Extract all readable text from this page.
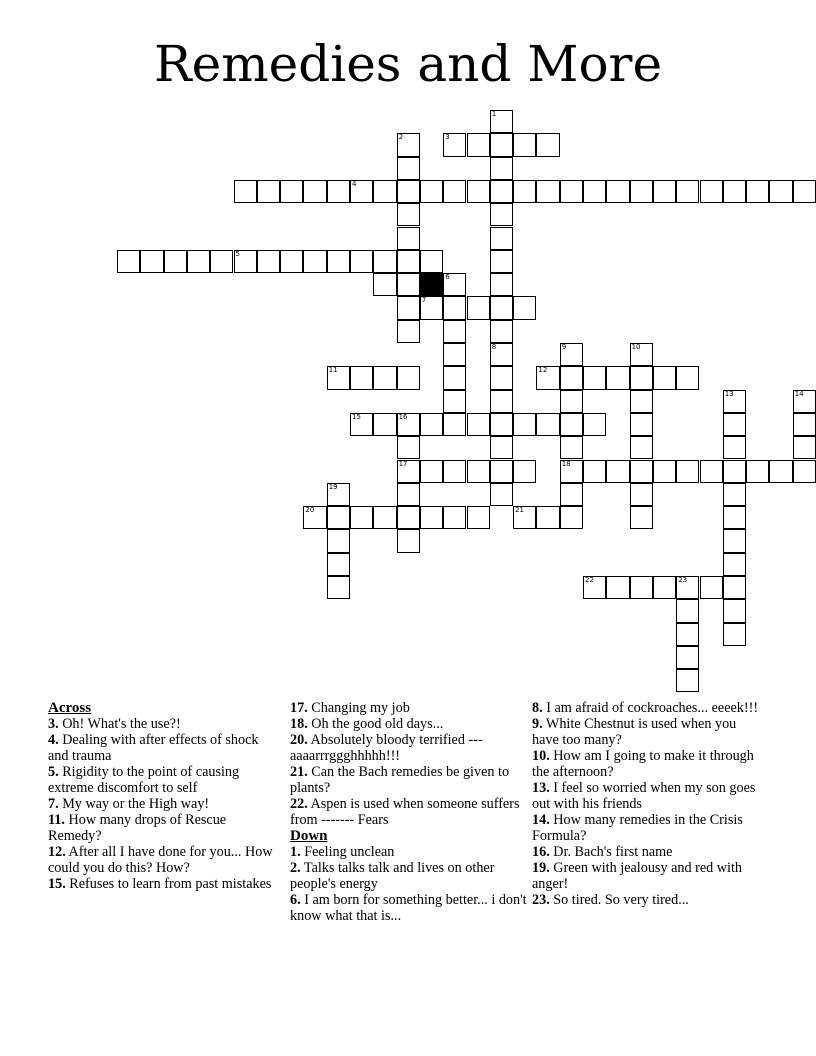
Remedies and More
1
3
2
4
5
6
7
8	9
18
10
11	12
13	14
15	16
17
19
20	21
22	23
Across
3. Oh! What's the use?!
4. Dealing with after effects of shock and trauma
5. Rigidity to the point of causing extreme discomfort to self
7. My way or the High way!
11. How many drops of Rescue Remedy?
12. After all I have done for you... How could you do this? How?
15. Refuses to learn from past mistakes
17. Changing my job
18. Oh the good old days...
20. Absolutely bloody terrified --- aaaarrrggghhhhh!!!
21. Can the Bach remedies be given to plants?
22. Aspen is used when someone suffers from ------- Fears
Down
1. Feeling unclean
2. Talks talks talk and lives on other people's energy
6. I am born for something better... i don't know what that is...
8. I am afraid of cockroaches... eeeek!!!
9. White Chestnut is used when you have too many?
10. How am I going to make it through the afternoon?
13. I feel so worried when my son goes out with his friends
14. How many remedies in the Crisis Formula?
16. Dr. Bach's first name
19. Green with jealousy and red with anger!
23. So tired. So very tired...
